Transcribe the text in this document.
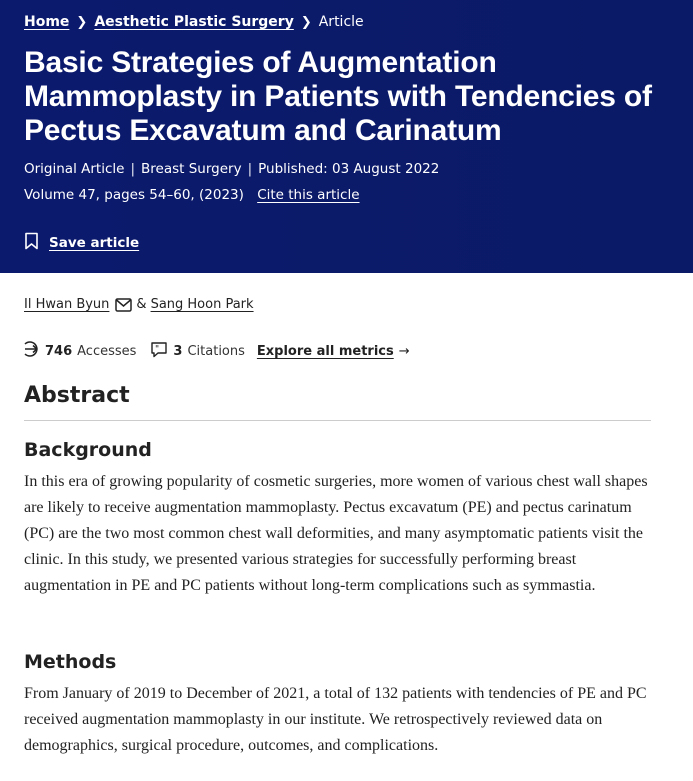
Home ❯ Aesthetic Plastic Surgery ❯ Article
Basic Strategies of Augmentation Mammoplasty in Patients with Tendencies of Pectus Excavatum and Carinatum
Original Article | Breast Surgery | Published: 03 August 2022
Volume 47, pages 54–60, (2023) Cite this article
Save article
Il Hwan Byun & Sang Hoon Park
746 Accesses " 3 Citations Explore all metrics →
Abstract
Background

In this era of growing popularity of cosmetic surgeries, more women of various chest wall shapes are likely to receive augmentation mammoplasty. Pectus excavatum (PE) and pectus carinatum (PC) are the two most common chest wall deformities, and many asymptomatic patients visit the clinic. In this study, we presented various strategies for successfully performing breast augmentation in PE and PC patients without long-term complications such as symmastia.

Methods

From January of 2019 to December of 2021, a total of 132 patients with tendencies of PE and PC received augmentation mammoplasty in our institute. We retrospectively reviewed data on demographics, surgical procedure, outcomes, and complications.
